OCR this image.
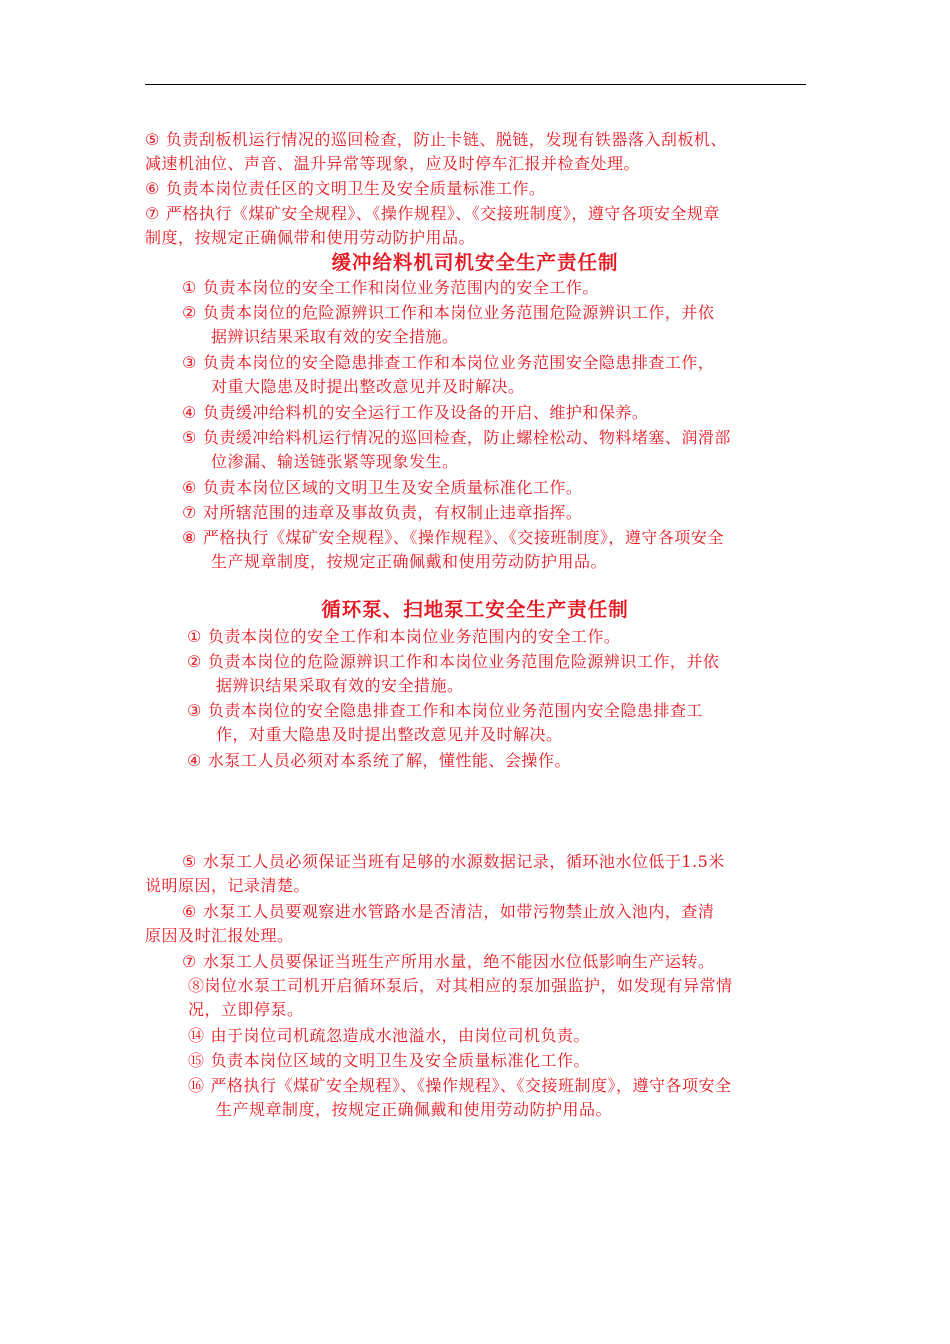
⑤ 负责刮板机运行情况的巡回检查，防止卡链、脱链，发现有铁器落入刮板机、

减速机油位、声音、温升异常等现象，应及时停车汇报并检查处理。

⑥ 负责本岗位责任区的文明卫生及安全质量标准工作。

⑦ 严格执行《煤矿安全规程》、《操作规程》、《交接班制度》，遵守各项安全规章

制度，按规定正确佩带和使用劳动防护用品。

缓冲给料机司机安全生产责任制

① 负责本岗位的安全工作和岗位业务范围内的安全工作。

② 负责本岗位的危险源辨识工作和本岗位业务范围危险源辨识工作，并依

据辨识结果采取有效的安全措施。

③ 负责本岗位的安全隐患排查工作和本岗位业务范围安全隐患排查工作，

对重大隐患及时提出整改意见并及时解决。

④ 负责缓冲给料机的安全运行工作及设备的开启、维护和保养。

⑤ 负责缓冲给料机运行情况的巡回检查，防止螺栓松动、物料堵塞、润滑部

位渗漏、输送链张紧等现象发生。

⑥ 负责本岗位区域的文明卫生及安全质量标准化工作。

⑦ 对所辖范围的违章及事故负责，有权制止违章指挥。

⑧ 严格执行《煤矿安全规程》、《操作规程》、《交接班制度》，遵守各项安全

生产规章制度，按规定正确佩戴和使用劳动防护用品。

循环泵、扫地泵工安全生产责任制

① 负责本岗位的安全工作和本岗位业务范围内的安全工作。

② 负责本岗位的危险源辨识工作和本岗位业务范围危险源辨识工作，并依

据辨识结果采取有效的安全措施。

③ 负责本岗位的安全隐患排查工作和本岗位业务范围内安全隐患排查工

作，对重大隐患及时提出整改意见并及时解决。

④ 水泵工人员必须对本系统了解，懂性能、会操作。

⑤ 水泵工人员必须保证当班有足够的水源数据记录，循环池水位低于1.5米

说明原因，记录清楚。

⑥ 水泵工人员要观察进水管路水是否清洁，如带污物禁止放入池内，查清

原因及时汇报处理。

⑦ 水泵工人员要保证当班生产所用水量，绝不能因水位低影响生产运转。

⑧岗位水泵工司机开启循环泵后，对其相应的泵加强监护，如发现有异常情

况，立即停泵。

⑭ 由于岗位司机疏忽造成水池溢水，由岗位司机负责。

⑮ 负责本岗位区域的文明卫生及安全质量标准化工作。

⑯ 严格执行《煤矿安全规程》、《操作规程》、《交接班制度》，遵守各项安全

生产规章制度，按规定正确佩戴和使用劳动防护用品。
